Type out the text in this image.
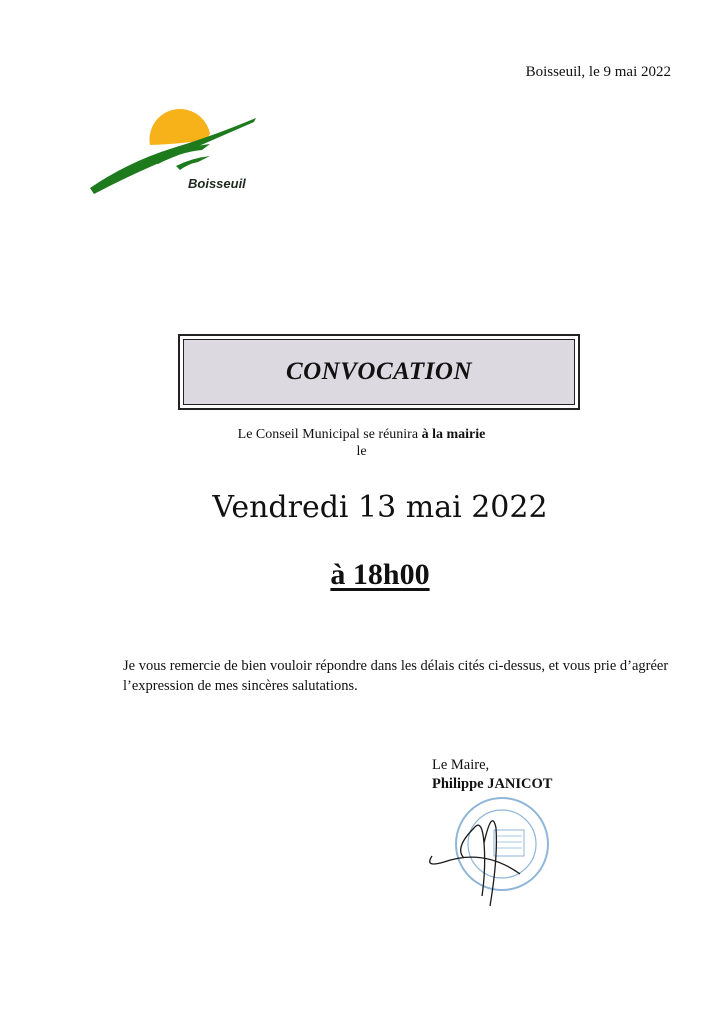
Boisseuil, le 9 mai 2022
Boisseuil
CONVOCATION
Le Conseil Municipal se réunira à la mairie
le
Vendredi 13 mai 2022
à 18h00
Je vous remercie de bien vouloir répondre dans les délais cités ci-dessus, et vous prie d’agréer l’expression de mes sincères salutations.
Le Maire,
Philippe JANICOT
